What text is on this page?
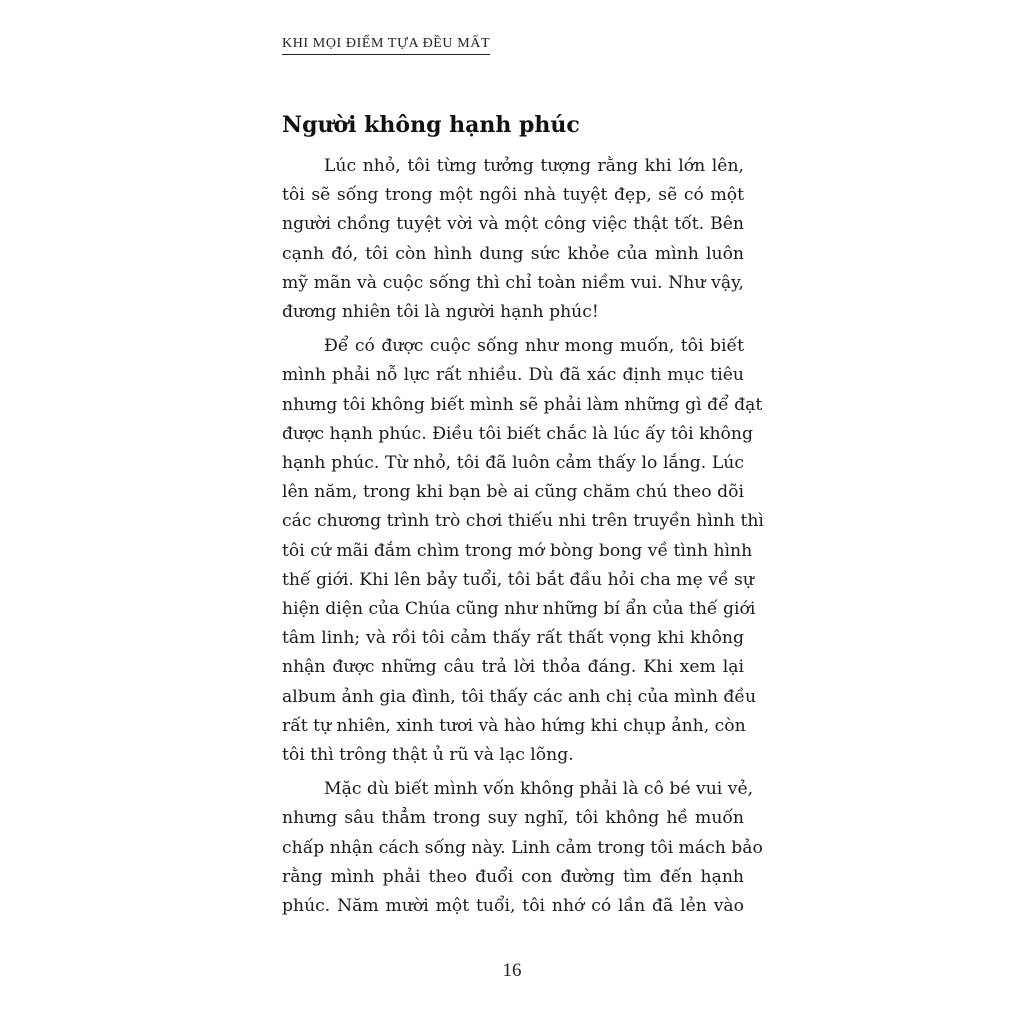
KHI MỌI ĐIỂM TỰA ĐỀU MẤT
Người không hạnh phúc

Lúc nhỏ, tôi từng tưởng tượng rằng khi lớn lên,
tôi sẽ sống trong một ngôi nhà tuyệt đẹp, sẽ có một
người chồng tuyệt vời và một công việc thật tốt. Bên
cạnh đó, tôi còn hình dung sức khỏe của mình luôn
mỹ mãn và cuộc sống thì chỉ toàn niềm vui. Như vậy,
đương nhiên tôi là người hạnh phúc!

Để có được cuộc sống như mong muốn, tôi biết
mình phải nỗ lực rất nhiều. Dù đã xác định mục tiêu
nhưng tôi không biết mình sẽ phải làm những gì để đạt
được hạnh phúc. Điều tôi biết chắc là lúc ấy tôi không
hạnh phúc. Từ nhỏ, tôi đã luôn cảm thấy lo lắng. Lúc
lên năm, trong khi bạn bè ai cũng chăm chú theo dõi
các chương trình trò chơi thiếu nhi trên truyền hình thì
tôi cứ mãi đắm chìm trong mớ bòng bong về tình hình
thế giới. Khi lên bảy tuổi, tôi bắt đầu hỏi cha mẹ về sự
hiện diện của Chúa cũng như những bí ẩn của thế giới
tâm linh; và rồi tôi cảm thấy rất thất vọng khi không
nhận được những câu trả lời thỏa đáng. Khi xem lại
album ảnh gia đình, tôi thấy các anh chị của mình đều
rất tự nhiên, xinh tươi và hào hứng khi chụp ảnh, còn
tôi thì trông thật ủ rũ và lạc lõng.

Mặc dù biết mình vốn không phải là cô bé vui vẻ,
nhưng sâu thẳm trong suy nghĩ, tôi không hề muốn
chấp nhận cách sống này. Linh cảm trong tôi mách bảo
rằng mình phải theo đuổi con đường tìm đến hạnh
phúc. Năm mười một tuổi, tôi nhớ có lần đã lẻn vào

16
